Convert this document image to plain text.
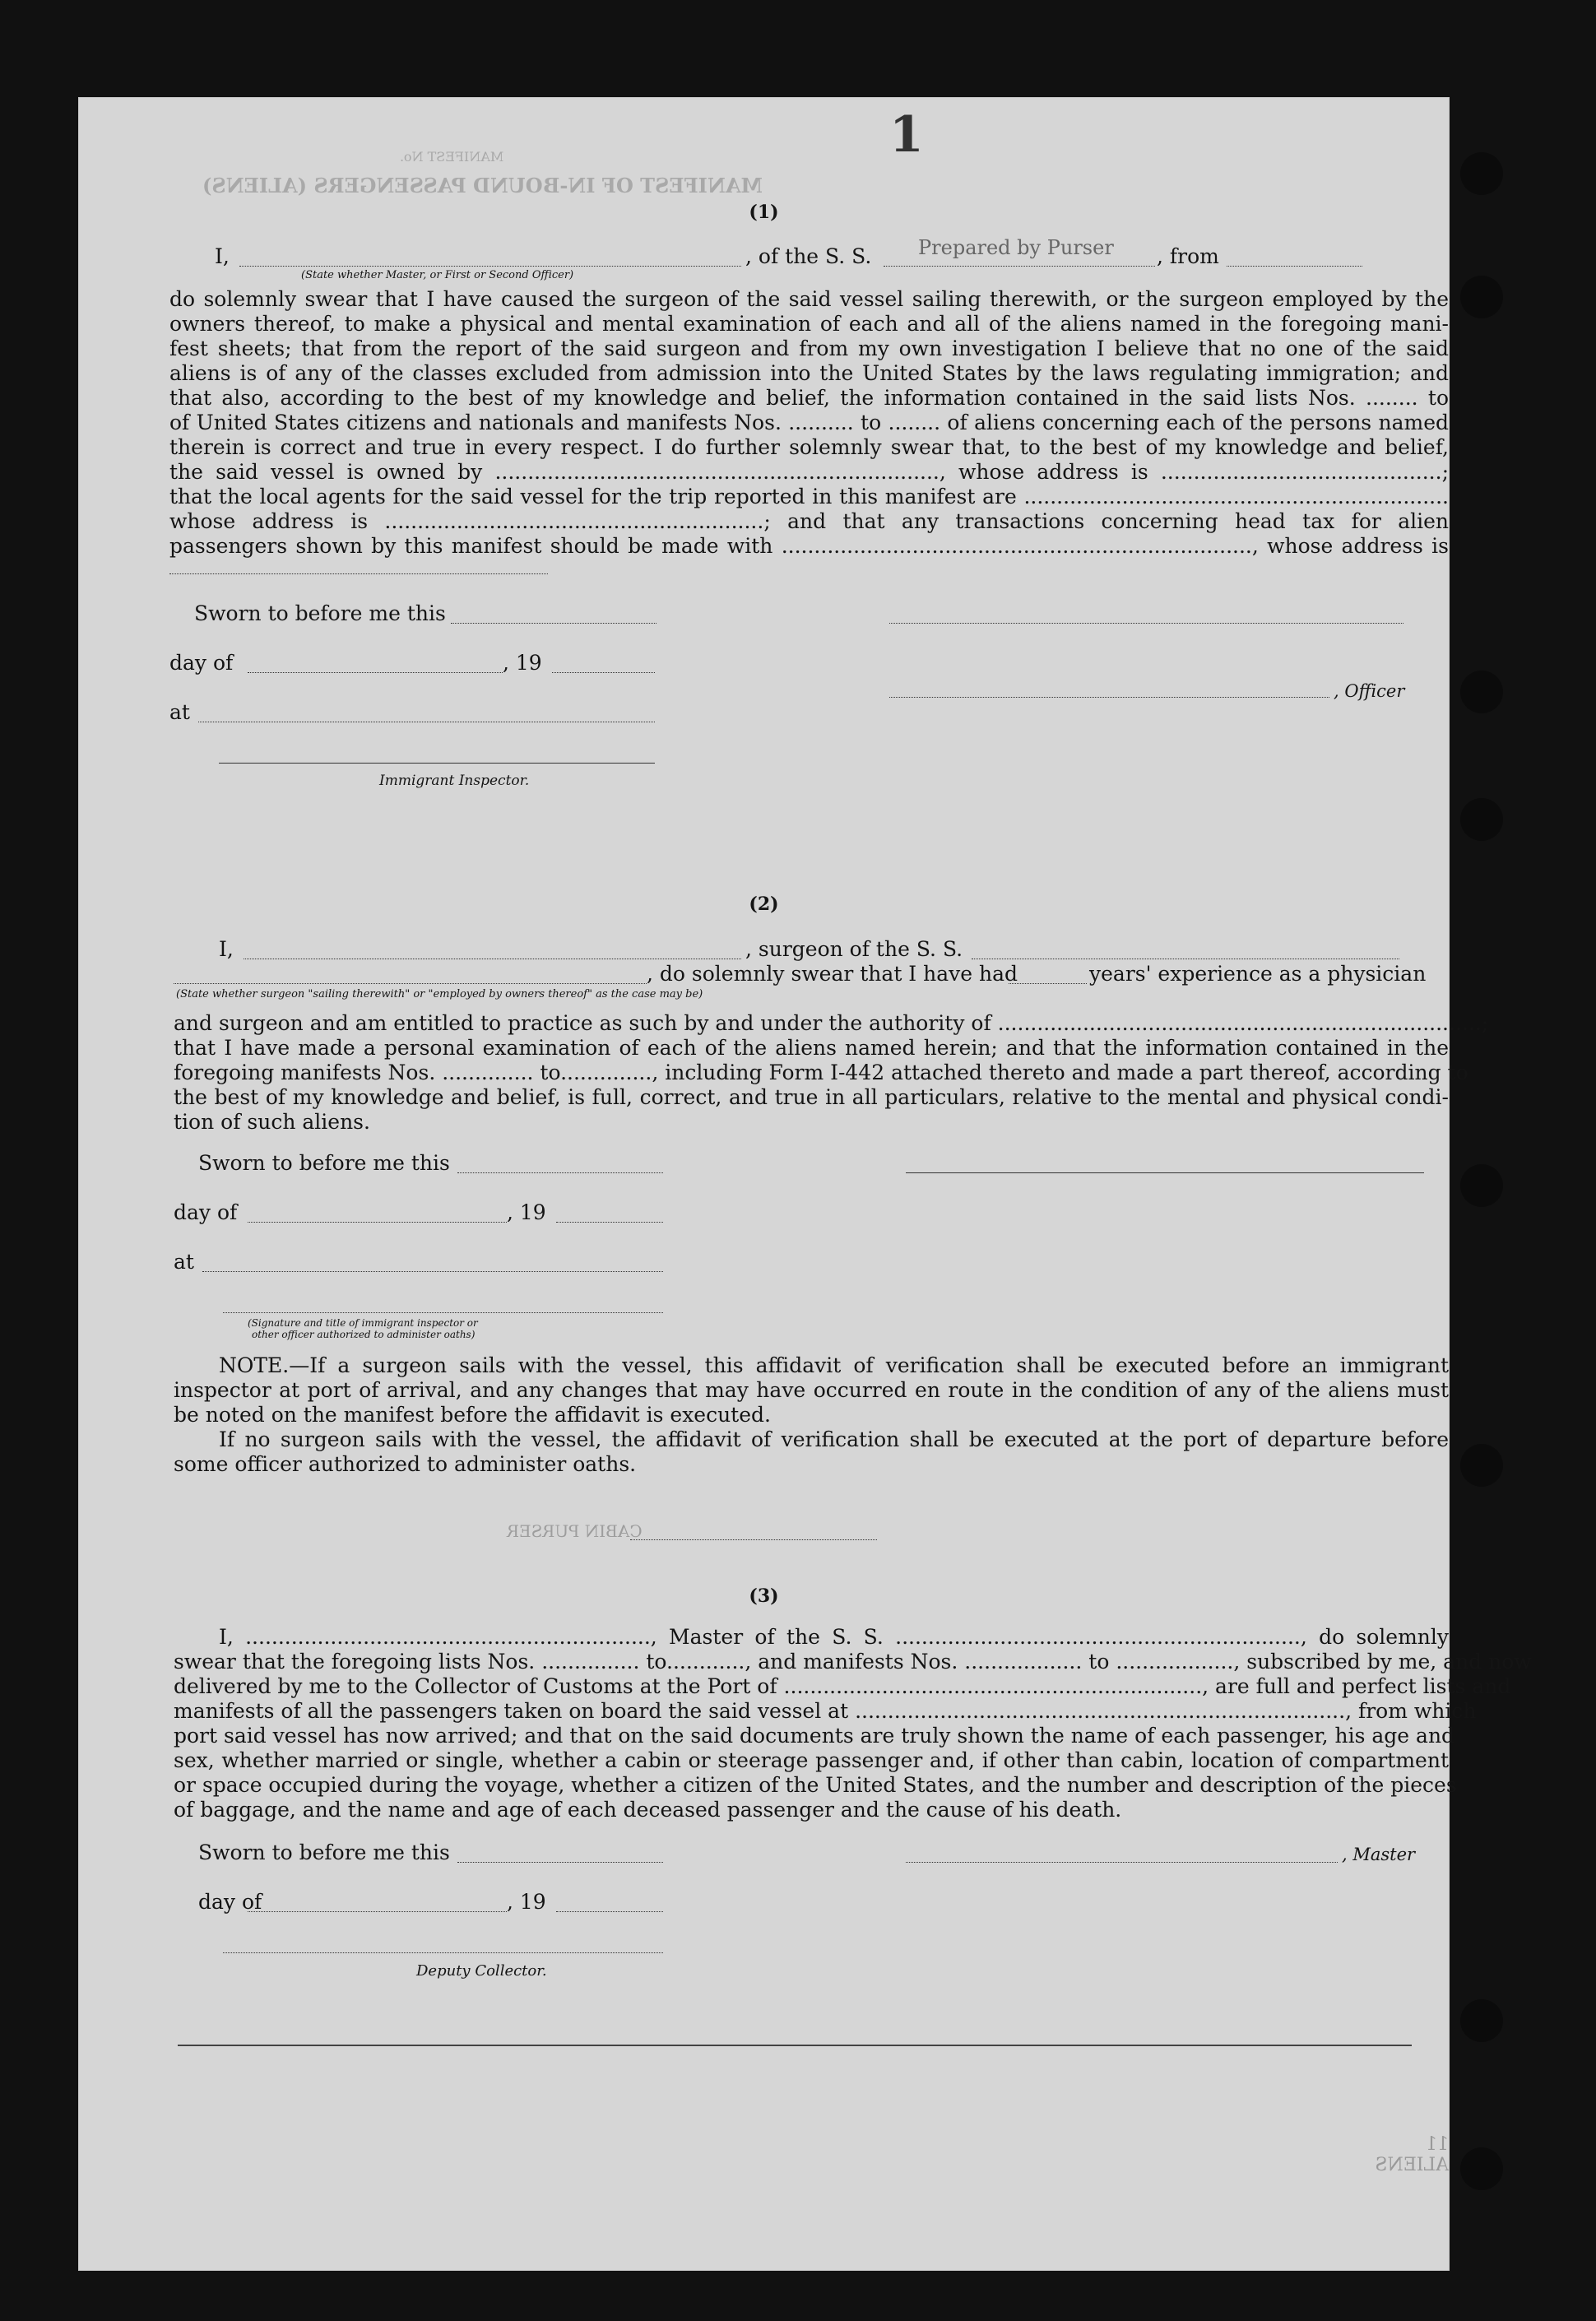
MANIFEST OF IN-BOUND PASSENGERS (ALIENS)
MANIFEST No.
Prepared by Purser
1
(1)
I,	, of the S. S.	, from
(State whether Master, or First or Second Officer)
do solemnly swear that I have caused the surgeon of the said vessel sailing therewith, or the surgeon employed by the
owners thereof, to make a physical and mental examination of each and all of the aliens named in the foregoing mani-
fest sheets; that from the report of the said surgeon and from my own investigation I believe that no one of the said
aliens is of any of the classes excluded from admission into the United States by the laws regulating immigration; and
that also, according to the best of my knowledge and belief, the information contained in the said lists Nos. ........ to
of United States citizens and nationals and manifests Nos. .......... to ........ of aliens concerning each of the persons named
therein is correct and true in every respect. I do further solemnly swear that, to the best of my knowledge and belief,
the said vessel is owned by ...................................................................., whose address is ...........................................;
that the local agents for the said vessel for the trip reported in this manifest are .................................................................
whose address is ..........................................................; and that any transactions concerning head tax for alien
passengers shown by this manifest should be made with ........................................................................, whose address is
Sworn to before me this
day of	, 19
at
, Officer
Immigrant Inspector.
(2)
I,	, surgeon of the S. S.
, do solemnly swear that I have had	years' experience as a physician
(State whether surgeon "sailing therewith" or "employed by owners thereof" as the case may be)
and surgeon and am entitled to practice as such by and under the authority of ..........................................................................;
that I have made a personal examination of each of the aliens named herein; and that the information contained in the
foregoing manifests Nos. .............. to.............., including Form I-442 attached thereto and made a part thereof, according to
the best of my knowledge and belief, is full, correct, and true in all particulars, relative to the mental and physical condi-
tion of such aliens.
Sworn to before me this
day of	, 19
at
(Signature and title of immigrant inspector or
other officer authorized to administer oaths)
NOTE.—If a surgeon sails with the vessel, this affidavit of verification shall be executed before an immigrant
inspector at port of arrival, and any changes that may have occurred en route in the condition of any of the aliens must
be noted on the manifest before the affidavit is executed.
If no surgeon sails with the vessel, the affidavit of verification shall be executed at the port of departure before
some officer authorized to administer oaths.
CABIN PURSER
(3)
I, .............................................................., Master of the S. S. .............................................................., do solemnly
swear that the foregoing lists Nos. ............... to............, and manifests Nos. .................. to .................., subscribed by me, and now
delivered by me to the Collector of Customs at the Port of ................................................................, are full and perfect lists and
manifests of all the passengers taken on board the said vessel at ..........................................................................., from which
port said vessel has now arrived; and that on the said documents are truly shown the name of each passenger, his age and
sex, whether married or single, whether a cabin or steerage passenger and, if other than cabin, location of compartment
or space occupied during the voyage, whether a citizen of the United States, and the number and description of the pieces
of baggage, and the name and age of each deceased passenger and the cause of his death.
Sworn to before me this	, Master
day of	, 19
Deputy Collector.
11 ALIENS
